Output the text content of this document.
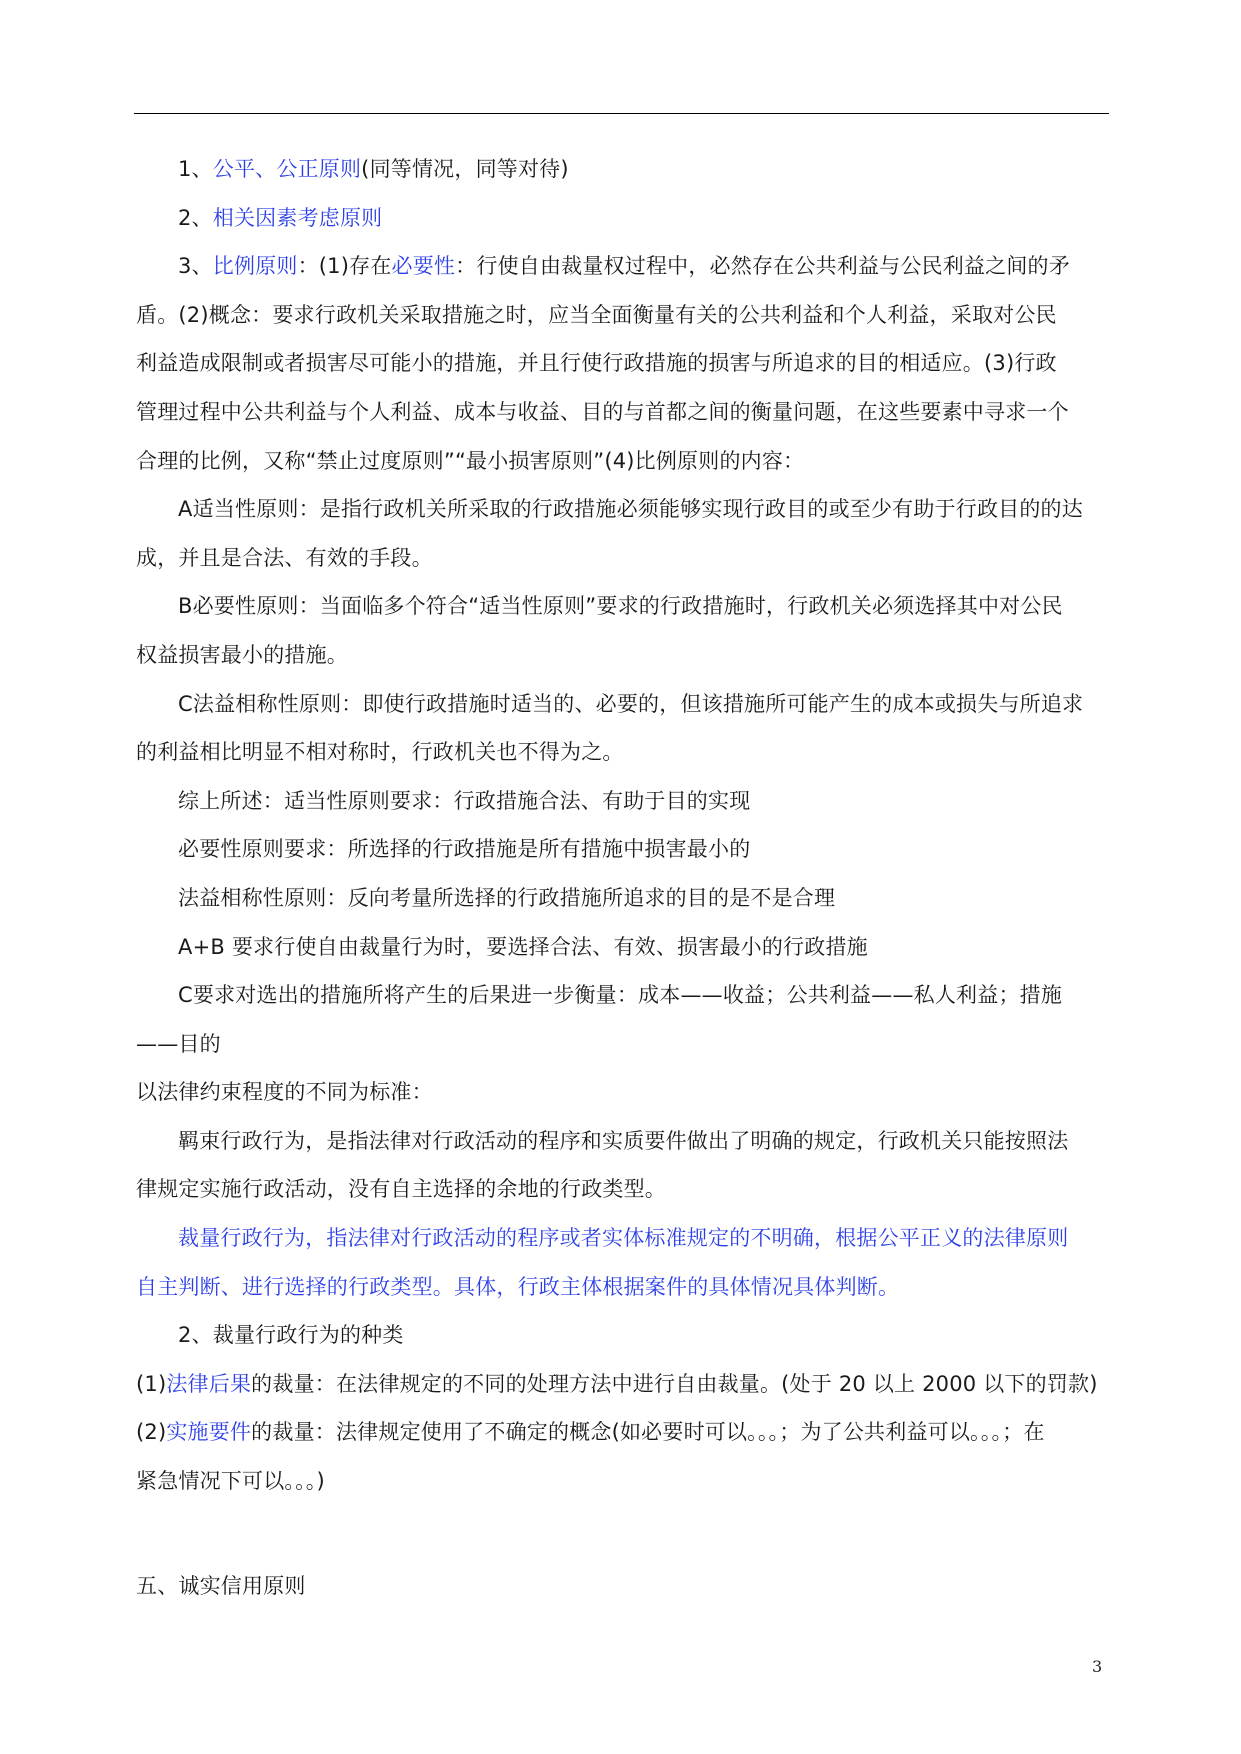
1、公平、公正原则(同等情况，同等对待)

2、相关因素考虑原则

3、比例原则：(1)存在必要性：行使自由裁量权过程中，必然存在公共利益与公民利益之间的矛

盾。(2)概念：要求行政机关采取措施之时，应当全面衡量有关的公共利益和个人利益，采取对公民

利益造成限制或者损害尽可能小的措施，并且行使行政措施的损害与所追求的目的相适应。(3)行政

管理过程中公共利益与个人利益、成本与收益、目的与首都之间的衡量问题，在这些要素中寻求一个

合理的比例，又称“禁止过度原则”“最小损害原则”(4)比例原则的内容：

A适当性原则：是指行政机关所采取的行政措施必须能够实现行政目的或至少有助于行政目的的达

成，并且是合法、有效的手段。

B必要性原则：当面临多个符合“适当性原则”要求的行政措施时，行政机关必须选择其中对公民

权益损害最小的措施。

C法益相称性原则：即使行政措施时适当的、必要的，但该措施所可能产生的成本或损失与所追求

的利益相比明显不相对称时，行政机关也不得为之。

综上所述：适当性原则要求：行政措施合法、有助于目的实现

必要性原则要求：所选择的行政措施是所有措施中损害最小的

法益相称性原则：反向考量所选择的行政措施所追求的目的是不是合理

A+B 要求行使自由裁量行为时，要选择合法、有效、损害最小的行政措施

C要求对选出的措施所将产生的后果进一步衡量：成本——收益；公共利益——私人利益；措施

——目的

以法律约束程度的不同为标准：

羁束行政行为，是指法律对行政活动的程序和实质要件做出了明确的规定，行政机关只能按照法

律规定实施行政活动，没有自主选择的余地的行政类型。

裁量行政行为，指法律对行政活动的程序或者实体标准规定的不明确，根据公平正义的法律原则

自主判断、进行选择的行政类型。具体，行政主体根据案件的具体情况具体判断。

2、裁量行政行为的种类

(1)法律后果的裁量：在法律规定的不同的处理方法中进行自由裁量。(处于 20 以上 2000 以下的罚款)

(2)实施要件的裁量：法律规定使用了不确定的概念(如必要时可以。。。；为了公共利益可以。。。；在

紧急情况下可以。。。)

五、诚实信用原则

3
